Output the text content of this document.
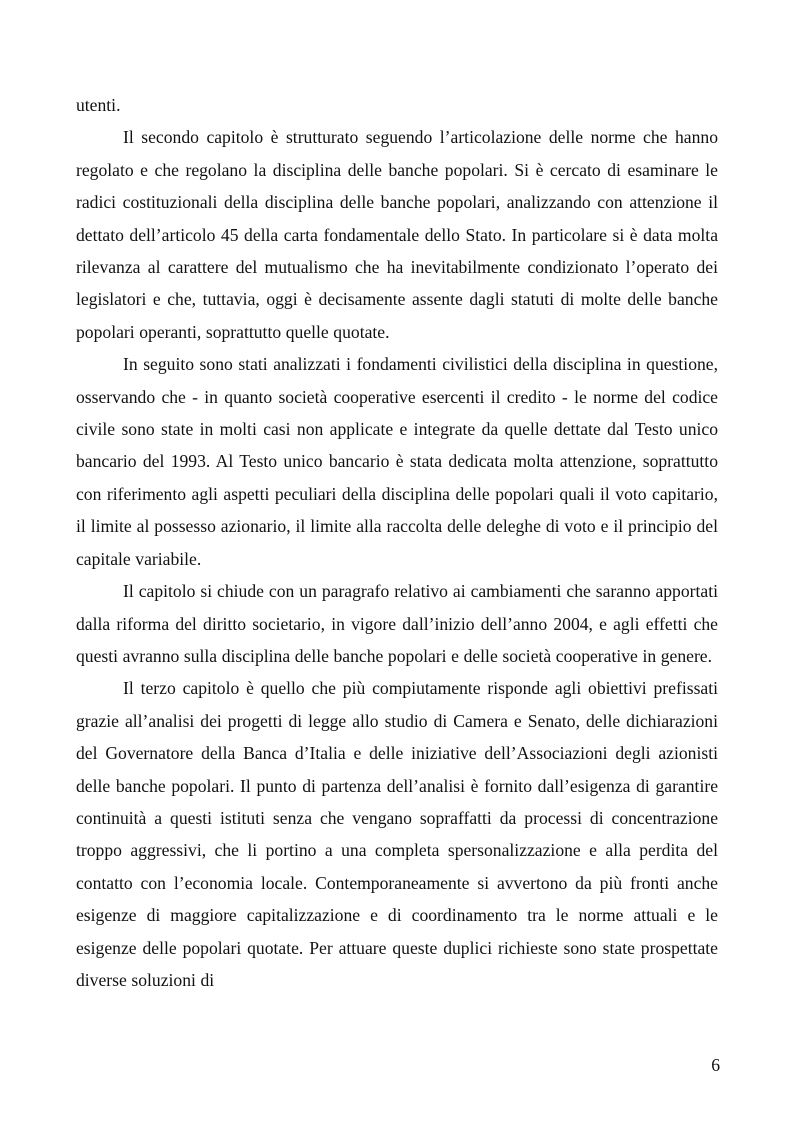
utenti.

Il secondo capitolo è strutturato seguendo l’articolazione delle norme che hanno regolato e che regolano la disciplina delle banche popolari. Si è cercato di esaminare le radici costituzionali della disciplina delle banche popolari, analizzando con attenzione il dettato dell’articolo 45 della carta fondamentale dello Stato. In particolare si è data molta rilevanza al carattere del mutualismo che ha inevitabilmente condizionato l’operato dei legislatori e che, tuttavia, oggi è decisamente assente dagli statuti di molte delle banche popolari operanti, soprattutto quelle quotate.

In seguito sono stati analizzati i fondamenti civilistici della disciplina in questione, osservando che - in quanto società cooperative esercenti il credito - le norme del codice civile sono state in molti casi non applicate e integrate da quelle dettate dal Testo unico bancario del 1993. Al Testo unico bancario è stata dedicata molta attenzione, soprattutto con riferimento agli aspetti peculiari della disciplina delle popolari quali il voto capitario, il limite al possesso azionario, il limite alla raccolta delle deleghe di voto e il principio del capitale variabile.

Il capitolo si chiude con un paragrafo relativo ai cambiamenti che saranno apportati dalla riforma del diritto societario, in vigore dall’inizio dell’anno 2004, e agli effetti che questi avranno sulla disciplina delle banche popolari e delle società cooperative in genere.

Il terzo capitolo è quello che più compiutamente risponde agli obiettivi prefissati grazie all’analisi dei progetti di legge allo studio di Camera e Senato, delle dichiarazioni del Governatore della Banca d’Italia e delle iniziative dell’Associazioni degli azionisti delle banche popolari. Il punto di partenza dell’analisi è fornito dall’esigenza di garantire continuità a questi istituti senza che vengano sopraffatti da processi di concentrazione troppo aggressivi, che li portino a una completa spersonalizzazione e alla perdita del contatto con l’economia locale. Contemporaneamente si avvertono da più fronti anche esigenze di maggiore capitalizzazione e di coordinamento tra le norme attuali e le esigenze delle popolari quotate. Per attuare queste duplici richieste sono state prospettate diverse soluzioni di

6
